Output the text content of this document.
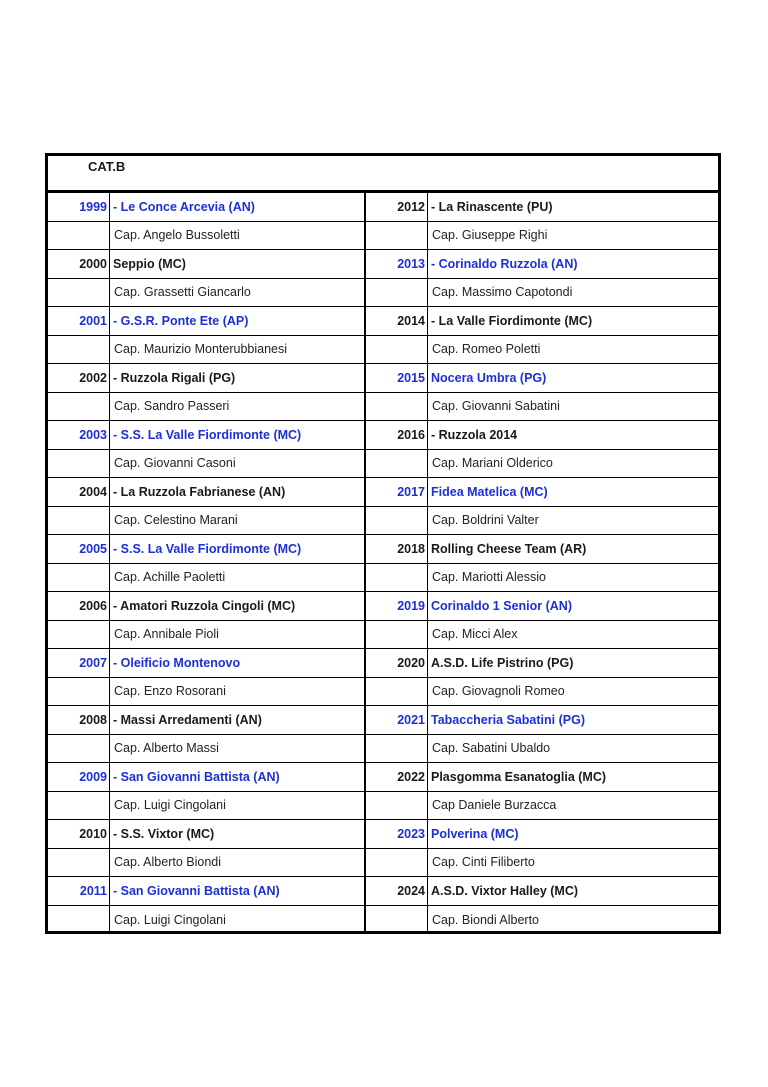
CAT.B
1999 - Le Conce Arcevia (AN)	2012 - La Rinascente (PU)
Cap. Angelo Bussoletti	Cap. Giuseppe Righi
2000 Seppio (MC)	2013 - Corinaldo Ruzzola (AN)
Cap. Grassetti Giancarlo	Cap. Massimo Capotondi
2001 - G.S.R. Ponte Ete (AP)	2014 - La Valle Fiordimonte (MC)
Cap. Maurizio Monterubbianesi	Cap. Romeo Poletti
2002 - Ruzzola Rigali (PG)	2015 Nocera Umbra (PG)
Cap. Sandro Passeri	Cap. Giovanni Sabatini
2003 - S.S. La Valle Fiordimonte (MC)	2016 - Ruzzola 2014
Cap. Giovanni Casoni	Cap. Mariani Olderico
2004 - La Ruzzola Fabrianese (AN)	2017 Fidea Matelica (MC)
Cap. Celestino Marani	Cap. Boldrini Valter
2005 - S.S. La Valle Fiordimonte (MC)	2018 Rolling Cheese Team (AR)
Cap. Achille Paoletti	Cap. Mariotti Alessio
2006 - Amatori Ruzzola Cingoli (MC)	2019 Corinaldo 1 Senior (AN)
Cap. Annibale Pioli	Cap. Micci Alex
2007 - Oleificio Montenovo	2020 A.S.D. Life Pistrino (PG)
Cap. Enzo Rosorani	Cap. Giovagnoli Romeo
2008 - Massi Arredamenti (AN)	2021 Tabaccheria Sabatini (PG)
Cap. Alberto Massi	Cap. Sabatini Ubaldo
2009 - San Giovanni Battista (AN)	2022 Plasgomma Esanatoglia (MC)
Cap. Luigi Cingolani	Cap Daniele Burzacca
2010 - S.S. Vixtor (MC)	2023 Polverina (MC)
Cap. Alberto Biondi	Cap. Cinti Filiberto
2011 - San Giovanni Battista (AN)	2024 A.S.D. Vixtor Halley (MC)
Cap. Luigi Cingolani	Cap. Biondi Alberto
